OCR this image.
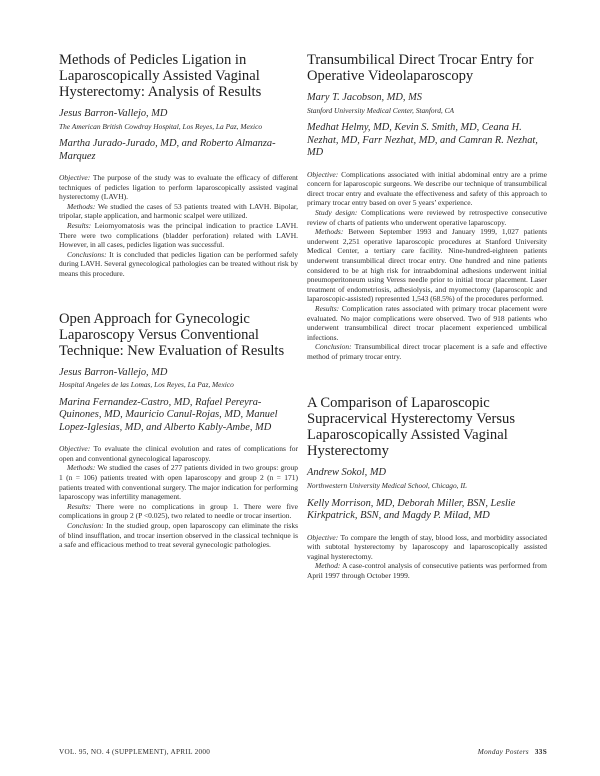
Methods of Pedicles Ligation in Laparoscopically Assisted Vaginal Hysterectomy: Analysis of Results
Jesus Barron-Vallejo, MD
The American British Cowdray Hospital, Los Reyes, La Paz, Mexico
Martha Jurado-Jurado, MD, and Roberto Almanza-Marquez

Objective: The purpose of the study was to evaluate the efficacy of different techniques of pedicles ligation to perform laparoscopically assisted vaginal hysterectomy (LAVH).

Methods: We studied the cases of 53 patients treated with LAVH. Bipolar, tripolar, staple application, and harmonic scalpel were utilized.

Results: Leiomyomatosis was the principal indication to practice LAVH. There were two complications (bladder perforation) related with LAVH. However, in all cases, pedicles ligation was successful.

Conclusions: It is concluded that pedicles ligation can be performed safely during LAVH. Several gynecological pathologies can be treated without risk by means this procedure.

Open Approach for Gynecologic Laparoscopy Versus Conventional Technique: New Evaluation of Results
Jesus Barron-Vallejo, MD
Hospital Angeles de las Lomas, Los Reyes, La Paz, Mexico
Marina Fernandez-Castro, MD, Rafael Pereyra-Quinones, MD, Mauricio Canul-Rojas, MD, Manuel Lopez-Iglesias, MD, and Alberto Kably-Ambe, MD

Objective: To evaluate the clinical evolution and rates of complications for open and conventional gynecological laparoscopy.

Methods: We studied the cases of 277 patients divided in two groups: group 1 (n = 106) patients treated with open laparoscopy and group 2 (n = 171) patients treated with conventional surgery. The major indication for performing laparoscopy was infertility management.

Results: There were no complications in group 1. There were five complications in group 2 (P <0.025), two related to needle or trocar insertion.

Conclusion: In the studied group, open laparoscopy can eliminate the risks of blind insufflation, and trocar insertion observed in the classical technique is a safe and efficacious method to treat several gynecologic pathologies.

Transumbilical Direct Trocar Entry for Operative Videolaparoscopy
Mary T. Jacobson, MD, MS
Stanford University Medical Center, Stanford, CA
Medhat Helmy, MD, Kevin S. Smith, MD, Ceana H. Nezhat, MD, Farr Nezhat, MD, and Camran R. Nezhat, MD

Objective: Complications associated with initial abdominal entry are a prime concern for laparoscopic surgeons. We describe our technique of transumbilical direct trocar entry and evaluate the effectiveness and safety of this approach to primary trocar entry based on over 5 years’ experience.

Study design: Complications were reviewed by retrospective consecutive review of charts of patients who underwent operative laparoscopy.

Methods: Between September 1993 and January 1999, 1,027 patients underwent 2,251 operative laparoscopic procedures at Stanford University Medical Center, a tertiary care facility. Nine-hundred-eighteen patients underwent transumbilical direct trocar entry. One hundred and nine patients considered to be at high risk for intraabdominal adhesions underwent initial pneumoperitoneum using Veress needle prior to initial trocar placement. Laser treatment of endometriosis, adhesiolysis, and myomectomy (laparoscopic and laparoscopic-assisted) represented 1,543 (68.5%) of the procedures performed.

Results: Complication rates associated with primary trocar placement were evaluated. No major complications were observed. Two of 918 patients who underwent transumbilical direct trocar placement experienced umbilical infections.

Conclusion: Transumbilical direct trocar placement is a safe and effective method of primary trocar entry.

A Comparison of Laparoscopic Supracervical Hysterectomy Versus Laparoscopically Assisted Vaginal Hysterectomy
Andrew Sokol, MD
Northwestern University Medical School, Chicago, IL
Kelly Morrison, MD, Deborah Miller, BSN, Leslie Kirkpatrick, BSN, and Magdy P. Milad, MD

Objective: To compare the length of stay, blood loss, and morbidity associated with subtotal hysterectomy by laparoscopy and laparoscopically assisted vaginal hysterectomy.

Method: A case-control analysis of consecutive patients was performed from April 1997 through October 1999.

VOL. 95, NO. 4 (SUPPLEMENT), APRIL 2000	Monday Posters 33S
